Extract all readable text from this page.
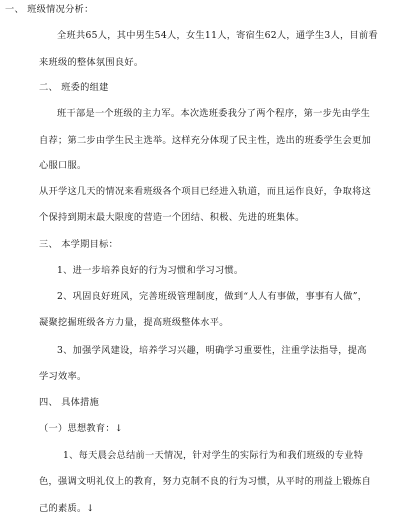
一、 班级情况分析：
全班共65人，其中男生54人，女生11人，寄宿生62人，通学生3人，目前看
来班级的整体氛围良好。
二、 班委的组建
班干部是一个班级的主力军。本次选班委我分了两个程序，第一步先由学生
自荐；第二步由学生民主选举。这样充分体现了民主性，选出的班委学生会更加
心服口服。
从开学这几天的情况来看班级各个项目已经进入轨道，而且运作良好，争取将这
个保持到期末最大限度的营造一个团结、积极、先进的班集体。
三、 本学期目标：
1、进一步培养良好的行为习惯和学习习惯。
2、巩固良好班风，完善班级管理制度，做到“人人有事做，事事有人做”，
凝聚挖掘班级各方力量，提高班级整体水平。
3、加强学风建设，培养学习兴趣，明确学习重要性，注重学法指导，提高
学习效率。
四、 具体措施
（一）思想教育：↓
1、每天晨会总结前一天情况，针对学生的实际行为和我们班级的专业特
色，强调文明礼仪上的教育，努力克制不良的行为习惯，从平时的刑益上锻炼自
己的素质。↓
